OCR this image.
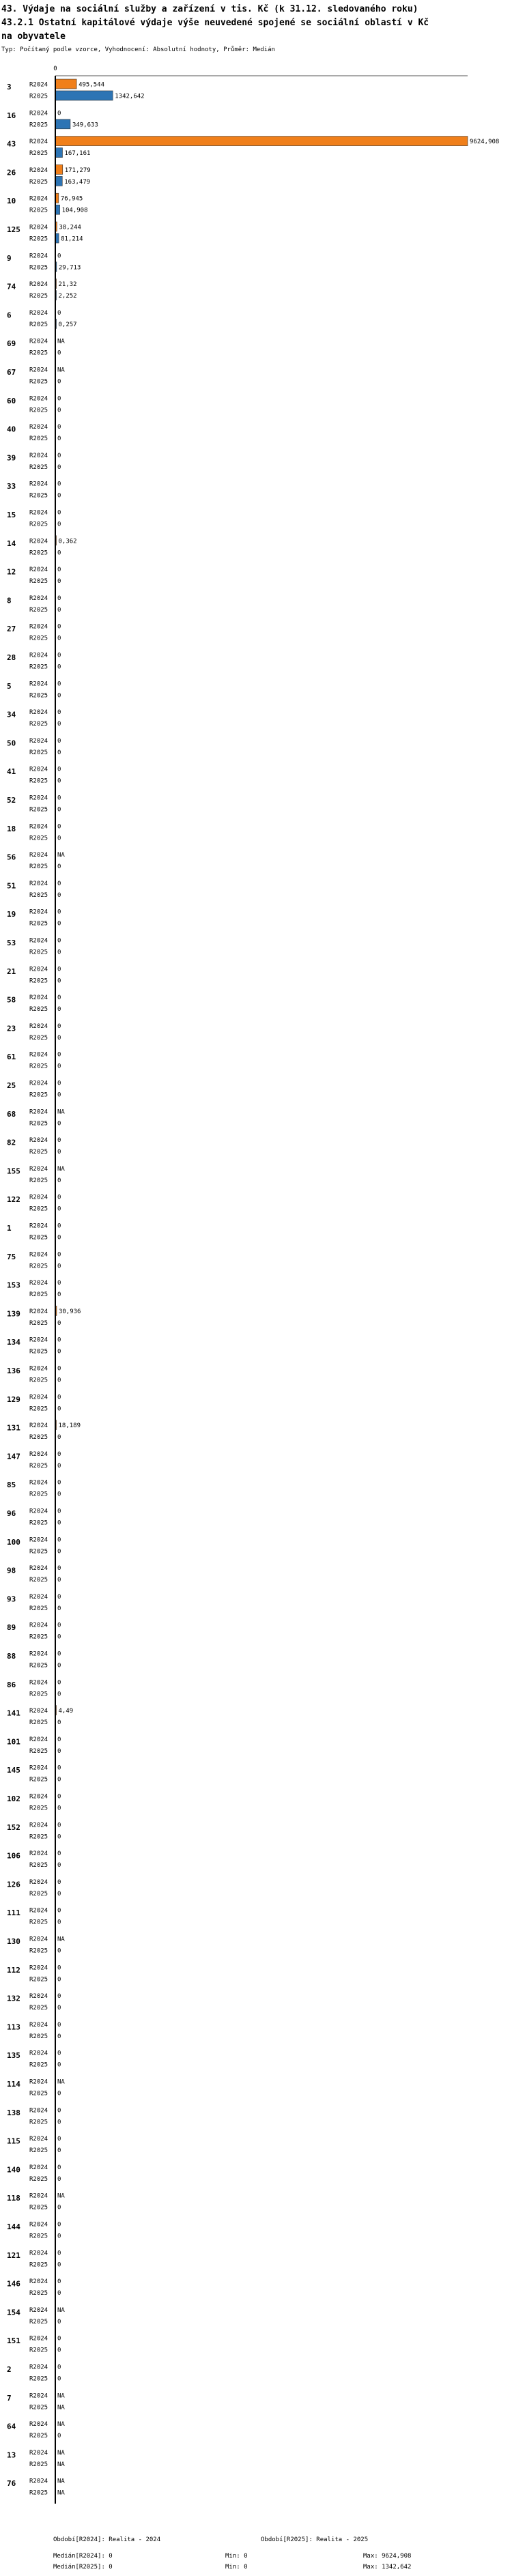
43. Výdaje na sociální služby a zařízení v tis. Kč (k 31.12. sledovaného roku)
43.2.1 Ostatní kapitálové výdaje výše neuvedené spojené se sociální oblastí v Kč
na obyvatele
Typ: Počítaný podle vzorce, Vyhodnocení: Absolutní hodnoty, Průměr: Medián
0
3	R2024	495,544
R2025	1342,642
16 R2024 0
R2025	349,633
43 R2024	9624,908
R2025	167,161
26 R2024	171,279
R2025	163,479
10 R2024 76,945
R2025 104,908
125 R2024 38,244
R2025 81,214
9	R2024 0
R2025 29,713
74 R2024 21,32
R2025 2,252
6	R2024 0
R2025 0,257
69 R2024 NA
R2025 0
67 R2024 NA
R2025 0
60 R2024 0
R2025 0
40 R2024 0
R2025 0
39 R2024 0
R2025 0
33 R2024 0
R2025 0
15 R2024 0
R2025 0
14 R2024 0,362
R2025 0
12 R2024 0
R2025 0
8	R2024 0
R2025 0
27 R2024 0
R2025 0
28 R2024 0
R2025 0
5	R2024 0
R2025 0
34 R2024 0
R2025 0
50 R2024 0
R2025 0
41 R2024 0
R2025 0
52 R2024 0
R2025 0
18 R2024 0
R2025 0
56 R2024 NA
R2025 0
51 R2024 0
R2025 0
19 R2024 0
R2025 0
53 R2024 0
R2025 0
21 R2024 0
R2025 0
58 R2024 0
R2025 0
23 R2024 0
R2025 0
61 R2024 0
R2025 0
25 R2024 0
R2025 0
68 R2024 NA
R2025 0
82 R2024 0
R2025 0
155 R2024 NA
R2025 0
122 R2024 0
R2025 0
1	R2024 0
R2025 0
75 R2024 0
R2025 0
153 R2024 0
R2025 0
139 R2024 30,936
R2025 0
134 R2024 0
R2025 0
136 R2024 0
R2025 0
129 R2024 0
R2025 0
131 R2024 18,189
R2025 0
147 R2024 0
R2025 0
85 R2024 0
R2025 0
96 R2024 0
R2025 0
100 R2024 0
R2025 0
98 R2024 0
R2025 0
93 R2024 0
R2025 0
89 R2024 0
R2025 0
88 R2024 0
R2025 0
86 R2024 0
R2025 0
141 R2024 4,49
R2025 0
101 R2024 0
R2025 0
145 R2024 0
R2025 0
102 R2024 0
R2025 0
152 R2024 0
R2025 0
106 R2024 0
R2025 0
126 R2024 0
R2025 0
111 R2024 0
R2025 0
130 R2024 NA
R2025 0
112 R2024 0
R2025 0
132 R2024 0
R2025 0
113 R2024 0
R2025 0
135 R2024 0
R2025 0
114 R2024 NA
R2025 0
138 R2024 0
R2025 0
115 R2024 0
R2025 0
140 R2024 0
R2025 0
118 R2024 NA
R2025 0
144 R2024 0
R2025 0
121 R2024 0
R2025 0
146 R2024 0
R2025 0
154 R2024 NA
R2025 0
151 R2024 0
R2025 0
2	R2024 0
R2025 0
7	R2024 NA
R2025 NA
64 R2024 NA
R2025 0
13 R2024 NA
R2025 NA
76 R2024 NA
R2025 NA
Období[R2024]: Realita - 2024	Období[R2025]: Realita - 2025
Medián[R2024]: 0	Min: 0	Max: 9624,908
Medián[R2025]: 0	Min: 0	Max: 1342,642
